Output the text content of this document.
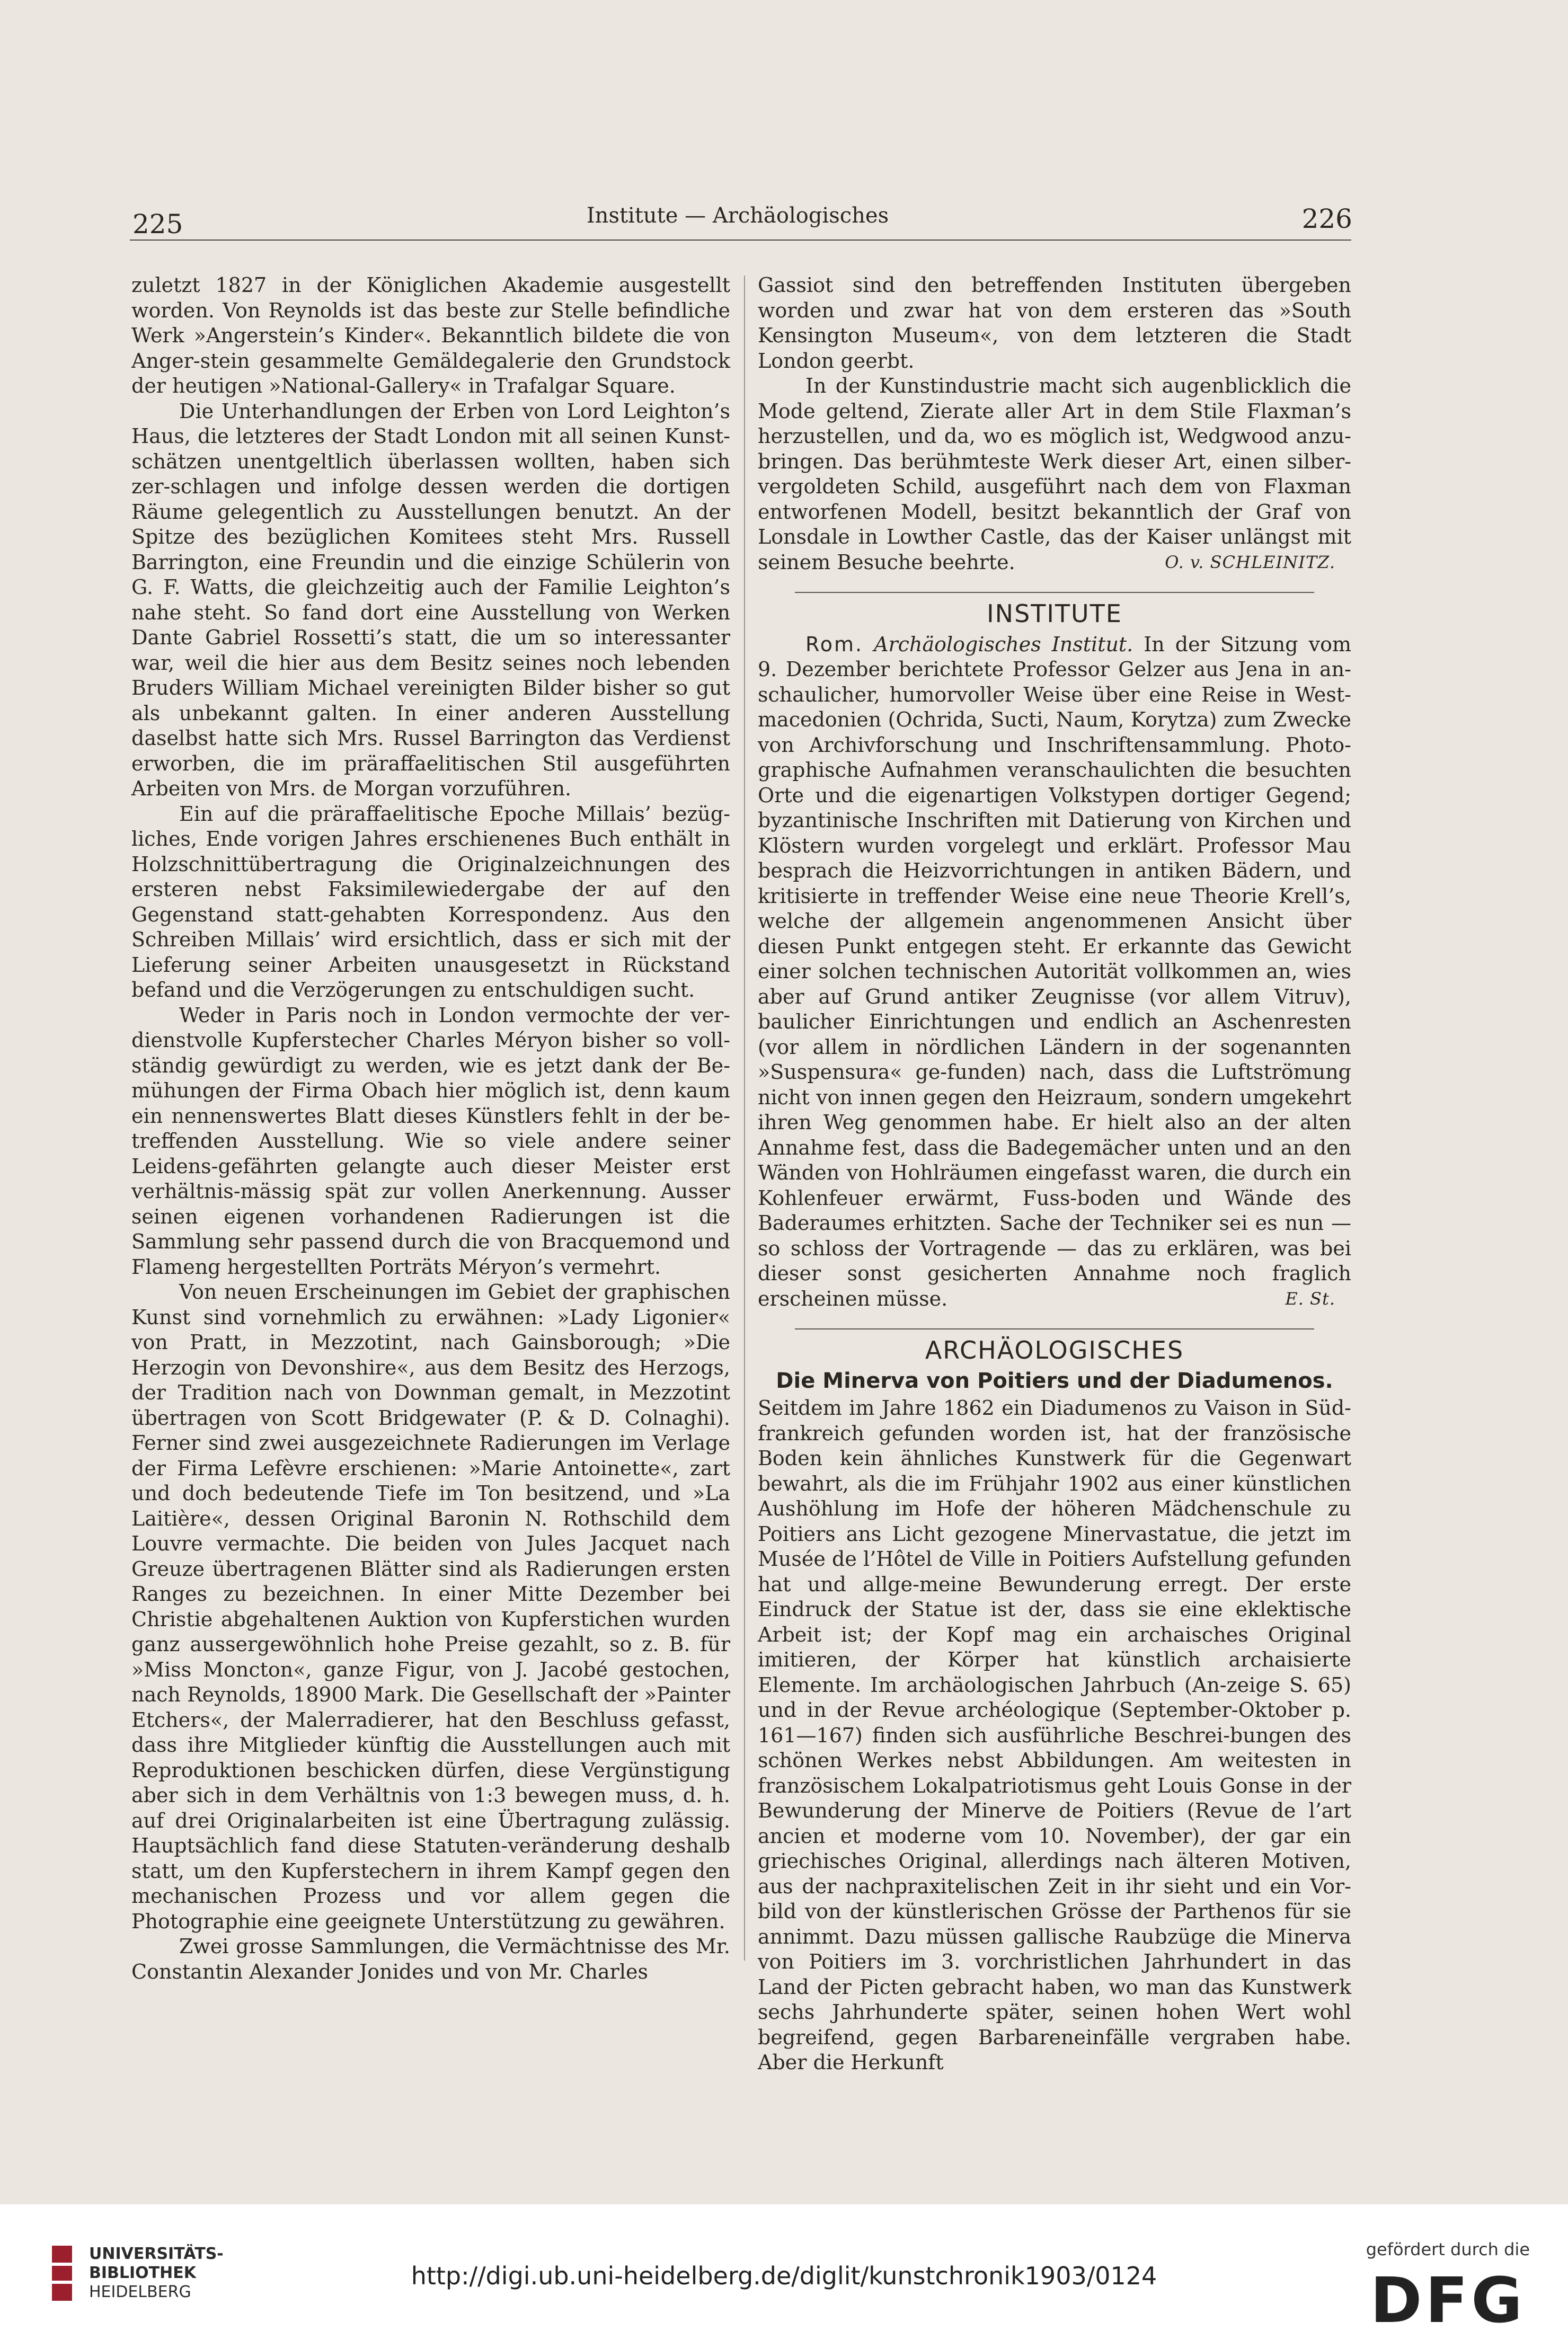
225	Institute — Archäologisches	226

zuletzt 1827 in der Königlichen Akademie ausgestellt worden. Von Reynolds ist das beste zur Stelle befindliche Werk »Angerstein’s Kinder«. Bekanntlich bildete die von Anger-stein gesammelte Gemäldegalerie den Grundstock der heutigen »National-Gallery« in Trafalgar Square.

Die Unterhandlungen der Erben von Lord Leighton’s Haus, die letzteres der Stadt London mit all seinen Kunst-schätzen unentgeltlich überlassen wollten, haben sich zer-schlagen und infolge dessen werden die dortigen Räume gelegentlich zu Ausstellungen benutzt. An der Spitze des bezüglichen Komitees steht Mrs. Russell Barrington, eine Freundin und die einzige Schülerin von G. F. Watts, die gleichzeitig auch der Familie Leighton’s nahe steht. So fand dort eine Ausstellung von Werken Dante Gabriel Rossetti’s statt, die um so interessanter war, weil die hier aus dem Besitz seines noch lebenden Bruders William Michael vereinigten Bilder bisher so gut als unbekannt galten. In einer anderen Ausstellung daselbst hatte sich Mrs. Russel Barrington das Verdienst erworben, die im präraffaelitischen Stil ausgeführten Arbeiten von Mrs. de Morgan vorzuführen.

Ein auf die präraffaelitische Epoche Millais’ bezüg-liches, Ende vorigen Jahres erschienenes Buch enthält in Holzschnittübertragung die Originalzeichnungen des ersteren nebst Faksimilewiedergabe der auf den Gegenstand statt-gehabten Korrespondenz. Aus den Schreiben Millais’ wird ersichtlich, dass er sich mit der Lieferung seiner Arbeiten unausgesetzt in Rückstand befand und die Verzögerungen zu entschuldigen sucht.

Weder in Paris noch in London vermochte der ver-dienstvolle Kupferstecher Charles Méryon bisher so voll-ständig gewürdigt zu werden, wie es jetzt dank der Be-mühungen der Firma Obach hier möglich ist, denn kaum ein nennenswertes Blatt dieses Künstlers fehlt in der be-treffenden Ausstellung. Wie so viele andere seiner Leidens-gefährten gelangte auch dieser Meister erst verhältnis-mässig spät zur vollen Anerkennung. Ausser seinen eigenen vorhandenen Radierungen ist die Sammlung sehr passend durch die von Bracquemond und Flameng hergestellten Porträts Méryon’s vermehrt.

Von neuen Erscheinungen im Gebiet der graphischen Kunst sind vornehmlich zu erwähnen: »Lady Ligonier« von Pratt, in Mezzotint, nach Gainsborough; »Die Herzogin von Devonshire«, aus dem Besitz des Herzogs, der Tradition nach von Downman gemalt, in Mezzotint übertragen von Scott Bridgewater (P. & D. Colnaghi). Ferner sind zwei ausgezeichnete Radierungen im Verlage der Firma Lefèvre erschienen: »Marie Antoinette«, zart und doch bedeutende Tiefe im Ton besitzend, und »La Laitière«, dessen Original Baronin N. Rothschild dem Louvre vermachte. Die beiden von Jules Jacquet nach Greuze übertragenen Blätter sind als Radierungen ersten Ranges zu bezeichnen. In einer Mitte Dezember bei Christie abgehaltenen Auktion von Kupferstichen wurden ganz aussergewöhnlich hohe Preise gezahlt, so z. B. für »Miss Moncton«, ganze Figur, von J. Jacobé gestochen, nach Reynolds, 18900 Mark. Die Gesellschaft der »Painter Etchers«, der Malerradierer, hat den Beschluss gefasst, dass ihre Mitglieder künftig die Ausstellungen auch mit Reproduktionen beschicken dürfen, diese Vergünstigung aber sich in dem Verhältnis von 1:3 bewegen muss, d. h. auf drei Originalarbeiten ist eine Übertragung zulässig. Hauptsächlich fand diese Statuten-veränderung deshalb statt, um den Kupferstechern in ihrem Kampf gegen den mechanischen Prozess und vor allem gegen die Photographie eine geeignete Unterstützung zu gewähren.

Zwei grosse Sammlungen, die Vermächtnisse des Mr. Constantin Alexander Jonides und von Mr. Charles

Gassiot sind den betreffenden Instituten übergeben worden und zwar hat von dem ersteren das »South Kensington Museum«, von dem letzteren die Stadt London geerbt.

In der Kunstindustrie macht sich augenblicklich die Mode geltend, Zierate aller Art in dem Stile Flaxman’s herzustellen, und da, wo es möglich ist, Wedgwood anzu-bringen. Das berühmteste Werk dieser Art, einen silber-vergoldeten Schild, ausgeführt nach dem von Flaxman entworfenen Modell, besitzt bekanntlich der Graf von Lonsdale in Lowther Castle, das der Kaiser unlängst mit seinem Besuche beehrte.	O. v. SCHLEINITZ.

INSTITUTE

Rom. Archäologisches Institut. In der Sitzung vom 9. Dezember berichtete Professor Gelzer aus Jena in an-schaulicher, humorvoller Weise über eine Reise in West-macedonien (Ochrida, Sucti, Naum, Korytza) zum Zwecke von Archivforschung und Inschriftensammlung. Photo-graphische Aufnahmen veranschaulichten die besuchten Orte und die eigenartigen Volkstypen dortiger Gegend; byzantinische Inschriften mit Datierung von Kirchen und Klöstern wurden vorgelegt und erklärt. Professor Mau besprach die Heizvorrichtungen in antiken Bädern, und kritisierte in treffender Weise eine neue Theorie Krell’s, welche der allgemein angenommenen Ansicht über diesen Punkt entgegen steht. Er erkannte das Gewicht einer solchen technischen Autorität vollkommen an, wies aber auf Grund antiker Zeugnisse (vor allem Vitruv), baulicher Einrichtungen und endlich an Aschenresten (vor allem in nördlichen Ländern in der sogenannten »Suspensura« ge-funden) nach, dass die Luftströmung nicht von innen gegen den Heizraum, sondern umgekehrt ihren Weg genommen habe. Er hielt also an der alten Annahme fest, dass die Badegemächer unten und an den Wänden von Hohlräumen eingefasst waren, die durch ein Kohlenfeuer erwärmt, Fuss-boden und Wände des Baderaumes erhitzten. Sache der Techniker sei es nun — so schloss der Vortragende — das zu erklären, was bei dieser sonst gesicherten Annahme noch fraglich erscheinen müsse.	E. St.

ARCHÄOLOGISCHES
Die Minerva von Poitiers und der Diadumenos.

Seitdem im Jahre 1862 ein Diadumenos zu Vaison in Süd-frankreich gefunden worden ist, hat der französische Boden kein ähnliches Kunstwerk für die Gegenwart bewahrt, als die im Frühjahr 1902 aus einer künstlichen Aushöhlung im Hofe der höheren Mädchenschule zu Poitiers ans Licht gezogene Minervastatue, die jetzt im Musée de l’Hôtel de Ville in Poitiers Aufstellung gefunden hat und allge-meine Bewunderung erregt. Der erste Eindruck der Statue ist der, dass sie eine eklektische Arbeit ist; der Kopf mag ein archaisches Original imitieren, der Körper hat künstlich archaisierte Elemente. Im archäologischen Jahrbuch (An-zeige S. 65) und in der Revue archéologique (September-Oktober p. 161—167) finden sich ausführliche Beschrei-bungen des schönen Werkes nebst Abbildungen. Am weitesten in französischem Lokalpatriotismus geht Louis Gonse in der Bewunderung der Minerve de Poitiers (Revue de l’art ancien et moderne vom 10. November), der gar ein griechisches Original, allerdings nach älteren Motiven, aus der nachpraxitelischen Zeit in ihr sieht und ein Vor-bild von der künstlerischen Grösse der Parthenos für sie annimmt. Dazu müssen gallische Raubzüge die Minerva von Poitiers im 3. vorchristlichen Jahrhundert in das Land der Picten gebracht haben, wo man das Kunstwerk sechs Jahrhunderte später, seinen hohen Wert wohl begreifend, gegen Barbareneinfälle vergraben habe. Aber die Herkunft

UNIVERSITÄTS-
BIBLIOTHEK
HEIDELBERG
http://digi.ub.uni-heidelberg.de/diglit/kunstchronik1903/0124
gefördert durch die
DFG
